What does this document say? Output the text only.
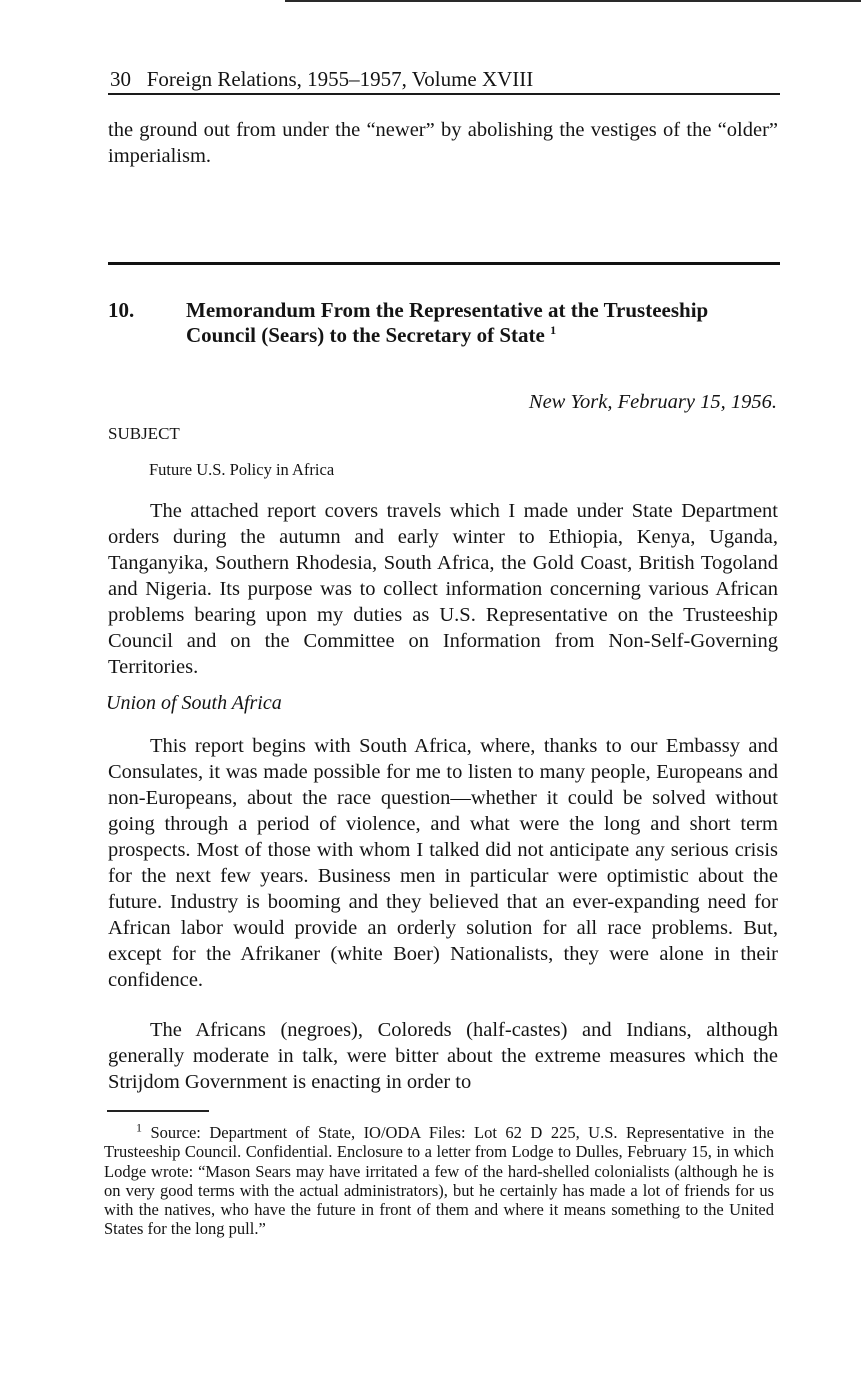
30 Foreign Relations, 1955–1957, Volume XVIII
the ground out from under the “newer” by abolishing the vestiges of the “older” imperialism.
10. Memorandum From the Representative at the Trusteeship Council (Sears) to the Secretary of State $^1$
New York, February 15, 1956.
SUBJECT
Future U.S. Policy in Africa
The attached report covers travels which I made under State Department orders during the autumn and early winter to Ethiopia, Kenya, Uganda, Tanganyika, Southern Rhodesia, South Africa, the Gold Coast, British Togoland and Nigeria. Its purpose was to collect information concerning various African problems bearing upon my duties as U.S. Representative on the Trusteeship Council and on the Committee on Information from Non-Self-Governing Territories.
Union of South Africa
This report begins with South Africa, where, thanks to our Embassy and Consulates, it was made possible for me to listen to many people, Europeans and non-Europeans, about the race question—whether it could be solved without going through a period of violence, and what were the long and short term prospects. Most of those with whom I talked did not anticipate any serious crisis for the next few years. Business men in particular were optimistic about the future. Industry is booming and they believed that an ever-expanding need for African labor would provide an orderly solution for all race problems. But, except for the Afrikaner (white Boer) Nationalists, they were alone in their confidence.
The Africans (negroes), Coloreds (half-castes) and Indians, although generally moderate in talk, were bitter about the extreme measures which the Strijdom Government is enacting in order to
$^1$ Source: Department of State, IO/ODA Files: Lot 62 D 225, U.S. Representative in the Trusteeship Council. Confidential. Enclosure to a letter from Lodge to Dulles, February 15, in which Lodge wrote: “Mason Sears may have irritated a few of the hard-shelled colonialists (although he is on very good terms with the actual administrators), but he certainly has made a lot of friends for us with the natives, who have the future in front of them and where it means something to the United States for the long pull.”
